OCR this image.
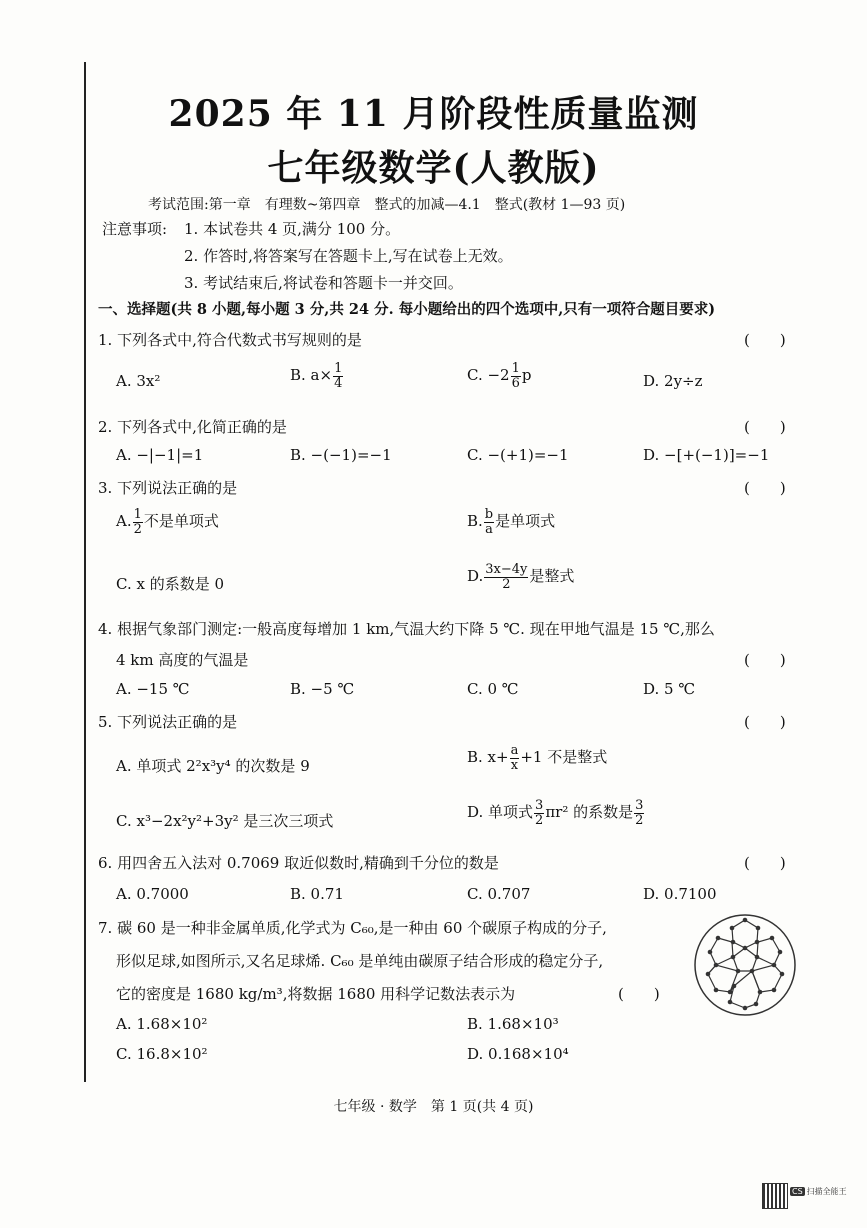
2025 年 11 月阶段性质量监测
七年级数学(人教版)
考试范围:第一章　有理数~第四章　整式的加减—4.1　整式(教材 1—93 页)
注意事项: 1. 本试卷共 4 页,满分 100 分。
2. 作答时,将答案写在答题卡上,写在试卷上无效。
3. 考试结束后,将试卷和答题卡一并交回。
一、选择题(共 8 小题,每小题 3 分,共 24 分. 每小题给出的四个选项中,只有一项符合题目要求)
1. 下列各式中,符合代数式书写规则的是	(　　)
A. 3x²	B. $a\times \frac{1}{4}$	C. $-2 \frac{1}{6}$ p	D. 2y÷z
2. 下列各式中,化简正确的是	(　　)
A. −|−1|=1	B. −(−1)=−1	C. −(+1)=−1	D. −[+(−1)]=−1
3. 下列说法正确的是	(　　)
A. $\frac{1}{2}$ 不是单项式	B. $\frac{b}{a}$ 是单项式
C. x 的系数是 0	D. $\frac{3x-4y}{2}$ 是整式
4. 根据气象部门测定:一般高度每增加 1 km,气温大约下降 5 ℃. 现在甲地气温是 15 ℃,那么
4 km 高度的气温是	(　　)
A. −15 ℃	B. −5 ℃	C. 0 ℃	D. 5 ℃
5. 下列说法正确的是	(　　)
A. 单项式 2²x³y⁴ 的次数是 9	B. $x+ \frac{a}{x} +1$ 不是整式
C. x³−2x²y²+3y² 是三次三项式	D. 单项式 $\frac{3}{2} \pi r^2$ 的系数是 $\frac{3}{2}$
6. 用四舍五入法对 0.7069 取近似数时,精确到千分位的数是	(　　)
A. 0.7000	B. 0.71	C. 0.707	D. 0.7100
7. 碳 60 是一种非金属单质,化学式为 C₆₀,是一种由 60 个碳原子构成的分子,
形似足球,如图所示,又名足球烯. C₆₀ 是单纯由碳原子结合形成的稳定分子,
它的密度是 1680 kg/m³,将数据 1680 用科学记数法表示为	(　　)
A. 1.68×10²	B. 1.68×10³
C. 16.8×10²	D. 0.168×10⁴
七年级 · 数学　第 1 页(共 4 页)
CS 扫描全能王
